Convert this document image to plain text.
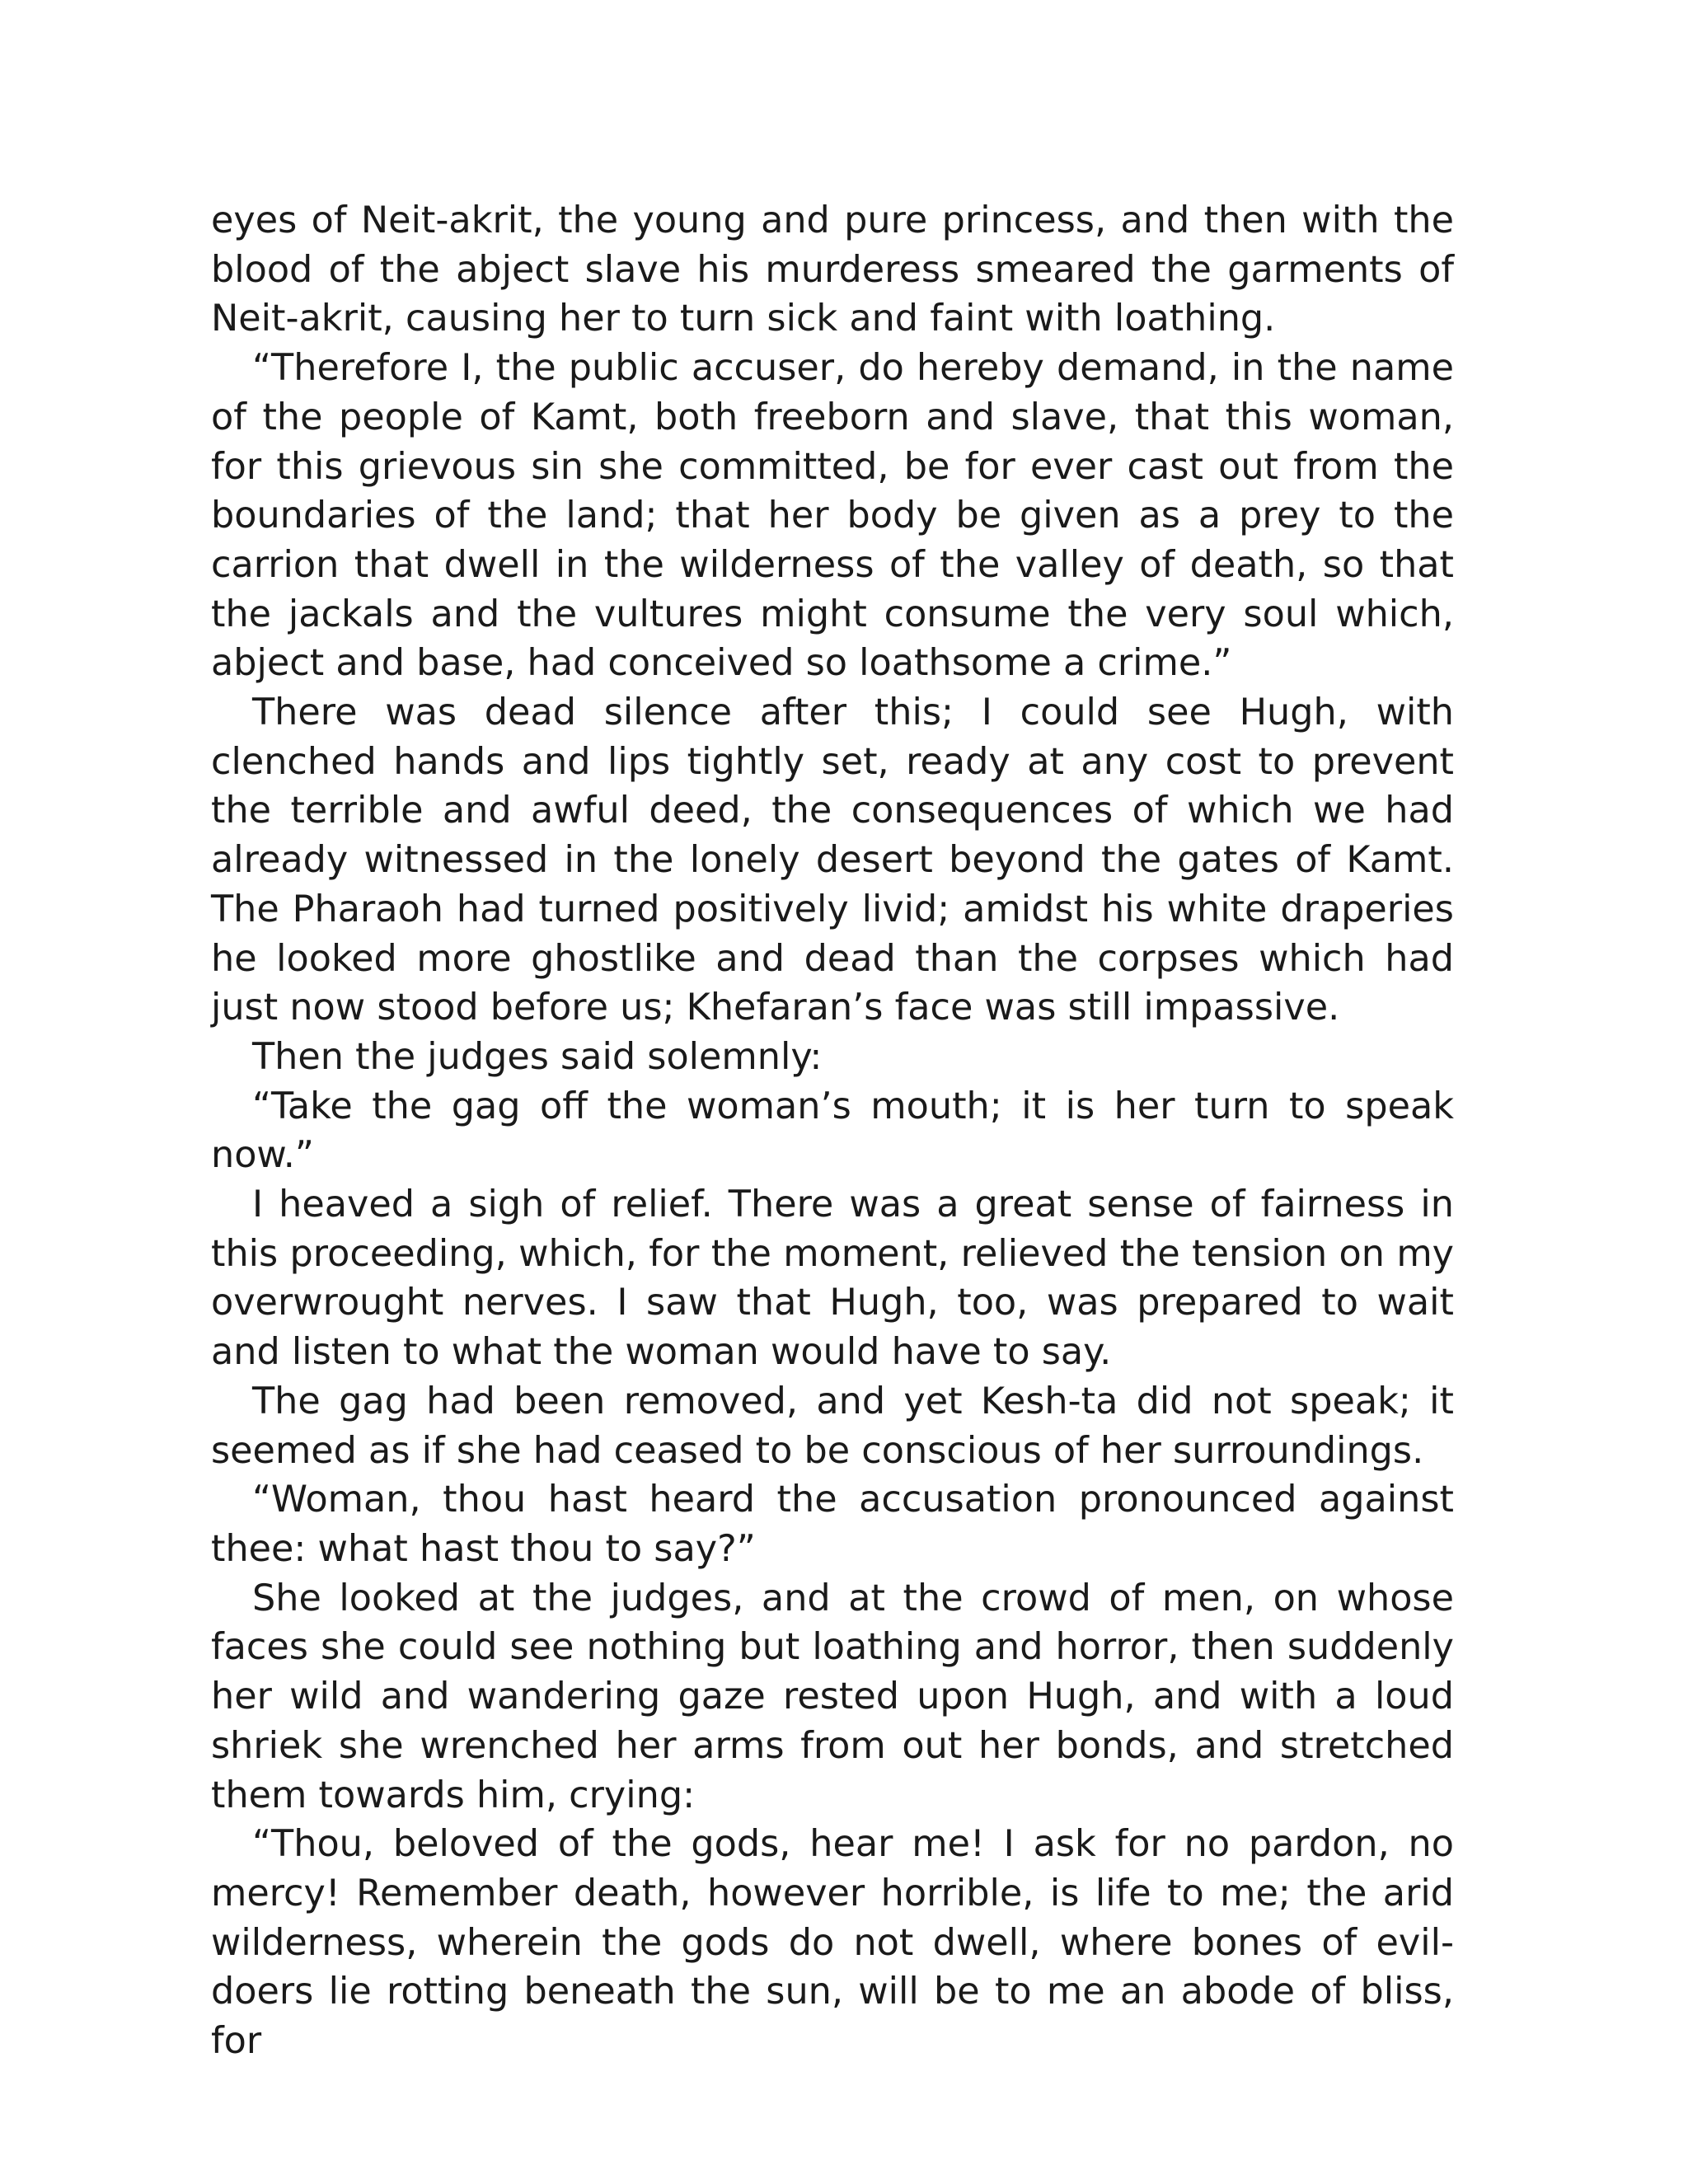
eyes of Neit-akrit, the young and pure princess, and then with the blood of the abject slave his murderess smeared the garments of Neit-akrit, causing her to turn sick and faint with loathing.

“Therefore I, the public accuser, do hereby demand, in the name of the people of Kamt, both freeborn and slave, that this woman, for this grievous sin she committed, be for ever cast out from the boundaries of the land; that her body be given as a prey to the carrion that dwell in the wilderness of the valley of death, so that the jackals and the vultures might consume the very soul which, abject and base, had conceived so loathsome a crime.”

There was dead silence after this; I could see Hugh, with clenched hands and lips tightly set, ready at any cost to prevent the terrible and awful deed, the consequences of which we had already witnessed in the lonely desert beyond the gates of Kamt. The Pharaoh had turned positively livid; amidst his white draperies he looked more ghostlike and dead than the corpses which had just now stood before us; Khefaran’s face was still impassive.

Then the judges said solemnly:

“Take the gag off the woman’s mouth; it is her turn to speak now.”

I heaved a sigh of relief. There was a great sense of fairness in this proceeding, which, for the moment, relieved the tension on my overwrought nerves. I saw that Hugh, too, was prepared to wait and listen to what the woman would have to say.

The gag had been removed, and yet Kesh-ta did not speak; it seemed as if she had ceased to be conscious of her surroundings.

“Woman, thou hast heard the accusation pronounced against thee: what hast thou to say?”

She looked at the judges, and at the crowd of men, on whose faces she could see nothing but loathing and horror, then suddenly her wild and wandering gaze rested upon Hugh, and with a loud shriek she wrenched her arms from out her bonds, and stretched them towards him, crying:

“Thou, beloved of the gods, hear me! I ask for no pardon, no mercy! Remember death, however horrible, is life to me; the arid wilderness, wherein the gods do not dwell, where bones of evildoers lie rotting beneath the sun, will be to me an abode of bliss, for
